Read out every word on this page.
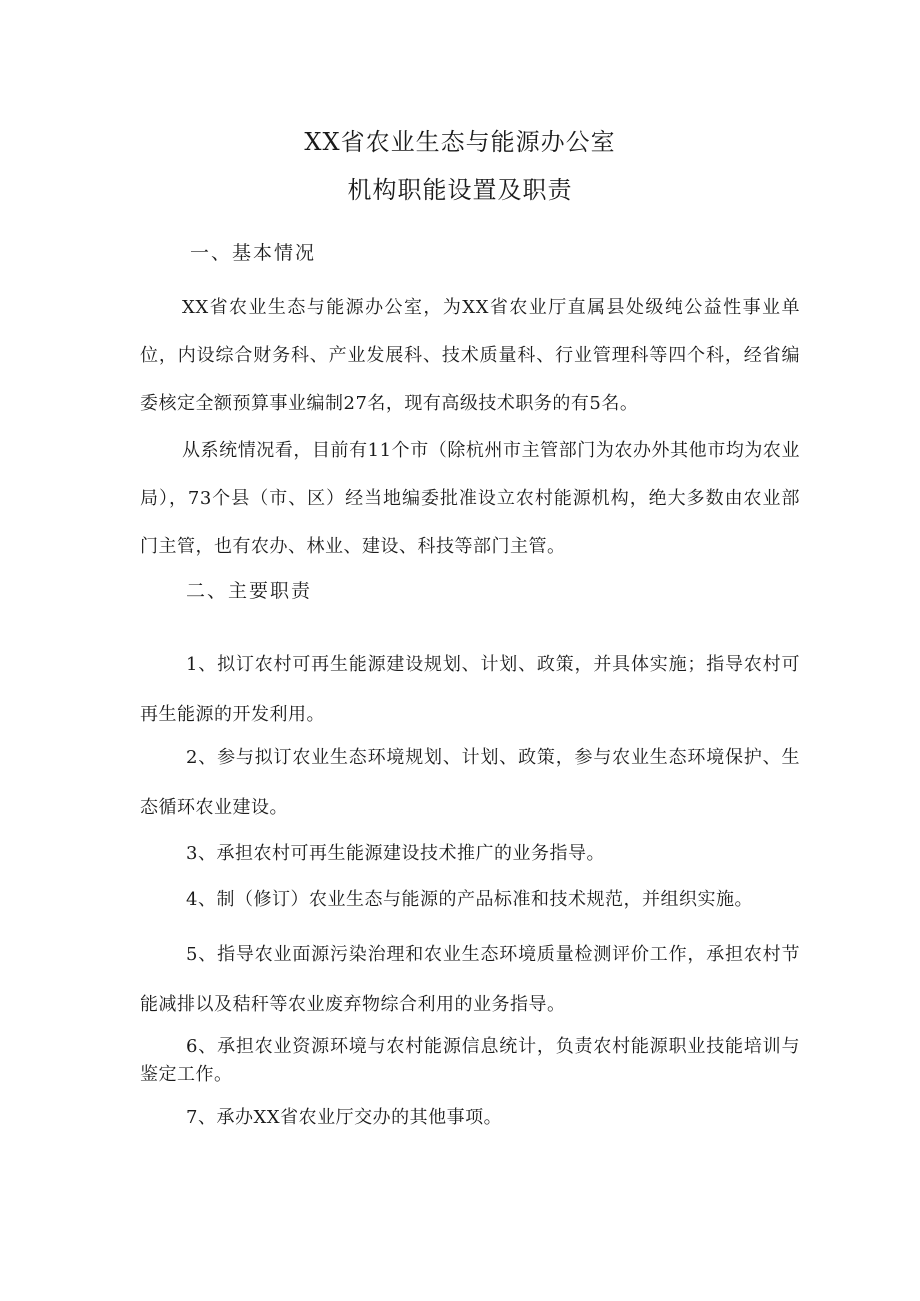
XX省农业生态与能源办公室
机构职能设置及职责
一、基本情况
XX省农业生态与能源办公室，为XX省农业厅直属县处级纯公益性事业单位，内设综合财务科、产业发展科、技术质量科、行业管理科等四个科，经省编委核定全额预算事业编制27名，现有高级技术职务的有5名。
从系统情况看，目前有11个市（除杭州市主管部门为农办外其他市均为农业局），73个县（市、区）经当地编委批准设立农村能源机构，绝大多数由农业部门主管，也有农办、林业、建设、科技等部门主管。
二、主要职责
1、拟订农村可再生能源建设规划、计划、政策，并具体实施；指导农村可再生能源的开发利用。
2、参与拟订农业生态环境规划、计划、政策，参与农业生态环境保护、生态循环农业建设。
3、承担农村可再生能源建设技术推广的业务指导。
4、制（修订）农业生态与能源的产品标准和技术规范，并组织实施。
5、指导农业面源污染治理和农业生态环境质量检测评价工作，承担农村节能减排以及秸秆等农业废弃物综合利用的业务指导。
6、承担农业资源环境与农村能源信息统计，负责农村能源职业技能培训与鉴定工作。
7、承办XX省农业厅交办的其他事项。
